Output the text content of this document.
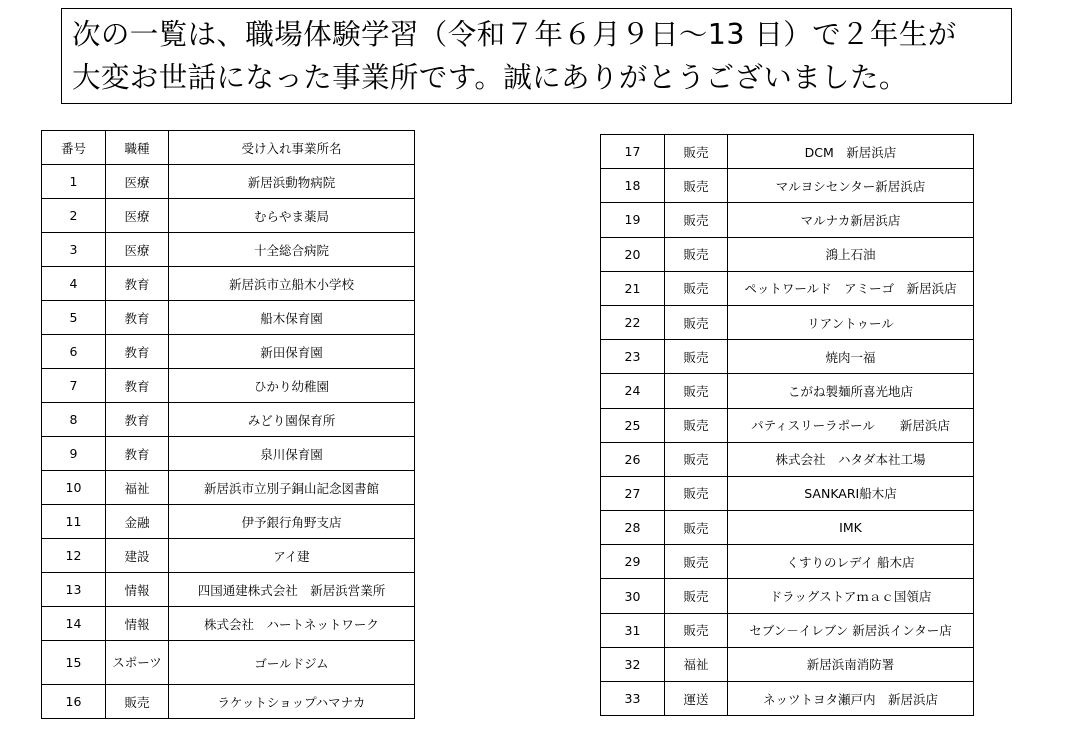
次の一覧は、職場体験学習（令和７年６月９日～13 日）で２年生が
大変お世話になった事業所です。誠にありがとうございました。
番号	職種	受け入れ事業所名
1	医療	新居浜動物病院
2	医療	むらやま薬局
3	医療	十全総合病院
4	教育	新居浜市立船木小学校
5	教育	船木保育園
6	教育	新田保育園
7	教育	ひかり幼稚園
8	教育	みどり園保育所
9	教育	泉川保育園
10	福祉	新居浜市立別子銅山記念図書館
11	金融	伊予銀行角野支店
12	建設	アイ建
13	情報	四国通建株式会社　新居浜営業所
14	情報	株式会社　ハートネットワーク
15	スポーツ	ゴールドジム
16	販売	ラケットショップハマナカ
17	販売	DCM　新居浜店
18	販売	マルヨシセンター新居浜店
19	販売	マルナカ新居浜店
20	販売	鴻上石油
21	販売	ペットワールド　アミーゴ　新居浜店
22	販売	リアントゥール
23	販売	焼肉一福
24	販売	こがね製麺所喜光地店
25	販売	パティスリーラポール　　新居浜店
26	販売	株式会社　ハタダ本社工場
27	販売	SANKARI船木店
28	販売	IMK
29	販売	くすりのレデイ 船木店
30	販売	ドラッグストアｍａｃ国領店
31	販売	セブン－イレブン 新居浜インター店
32	福祉	新居浜南消防署
33	運送	ネッツトヨタ瀬戸内　新居浜店
